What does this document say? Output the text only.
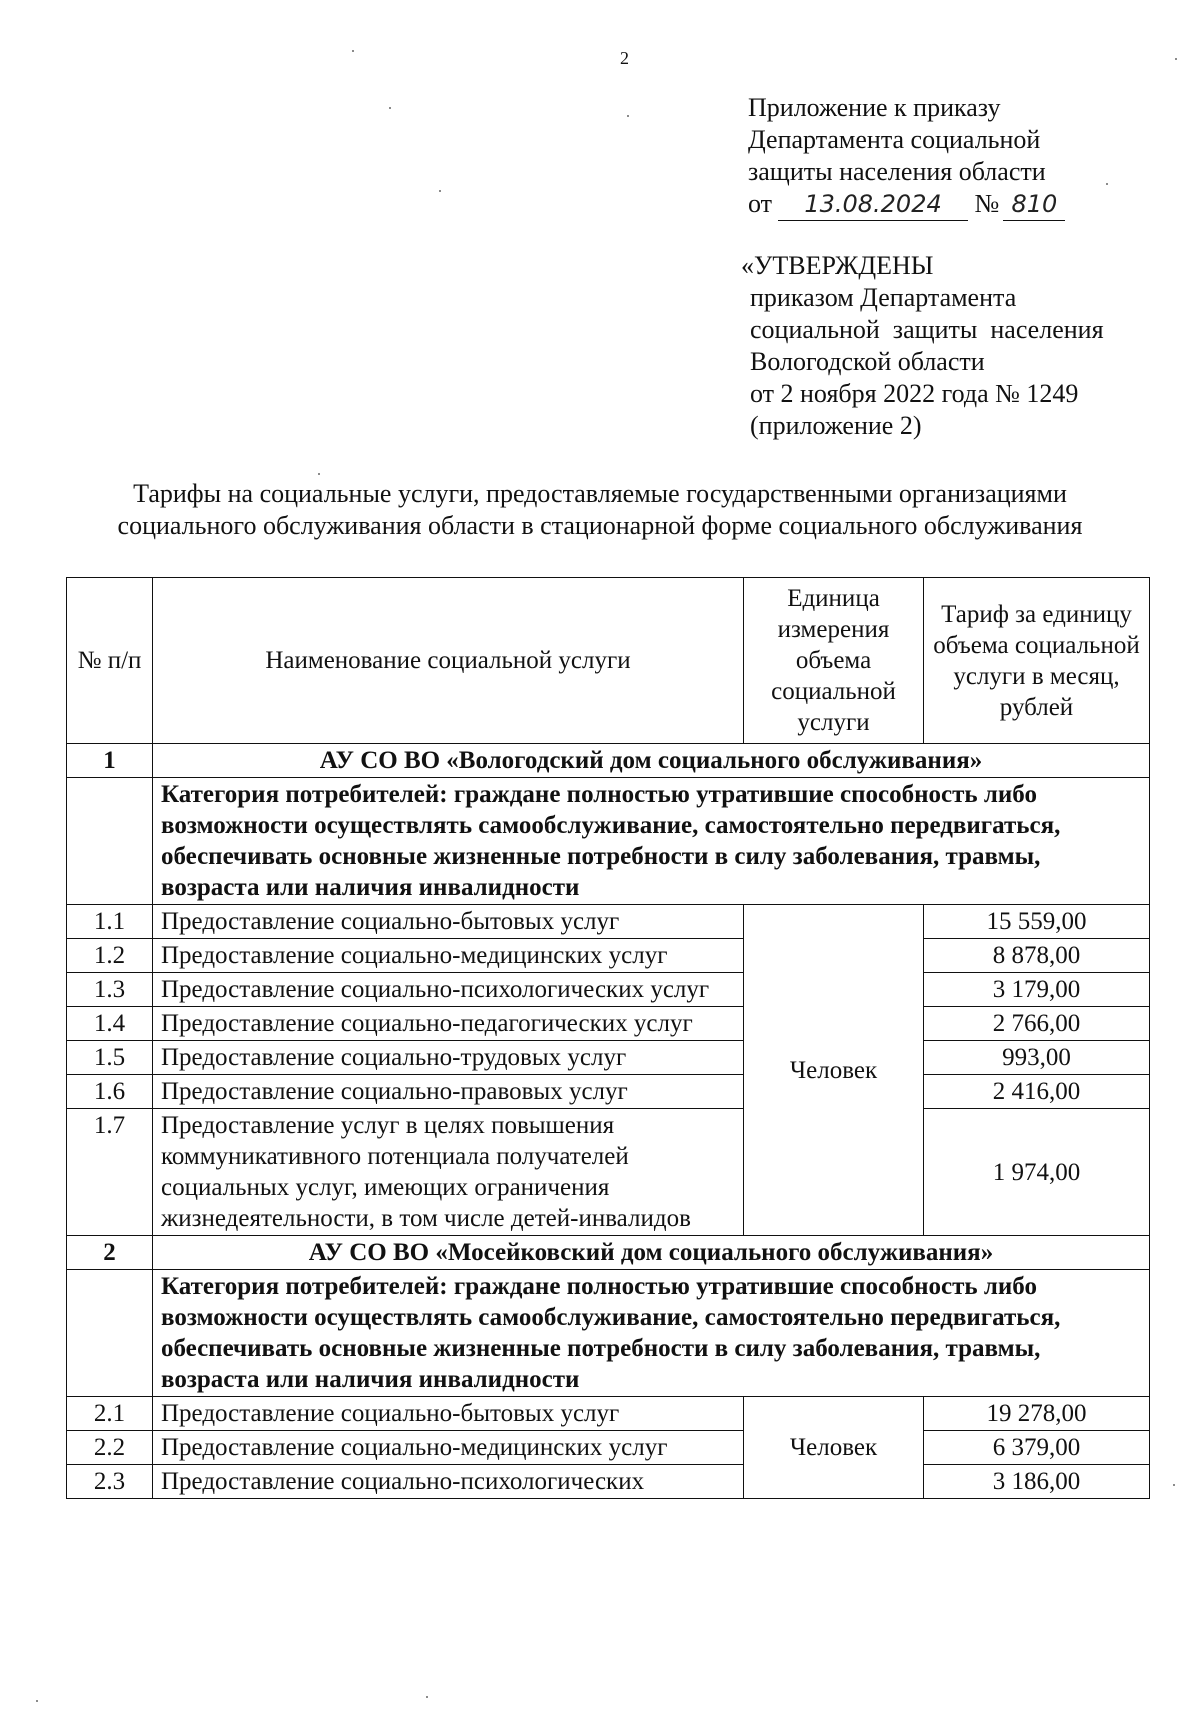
2
Приложение к приказу
Департамента социальной
защиты населения области
от 13.08.2024 № 810
«УТВЕРЖДЕНЫ
приказом Департамента
социальной  защиты  населения
Вологодской области
от 2 ноября 2022 года № 1249
(приложение 2)
Тарифы на социальные услуги, предоставляемые государственными организациями
социального обслуживания области в стационарной форме социального обслуживания
№ п/п	Наименование социальной услуги	Единица измерения объема социальной услуги	Тариф за единицу объема социальной услуги в месяц, рублей
1	АУ СО ВО «Вологодский дом социального обслуживания»		
	Категория потребителей: граждане полностью утратившие способность либо возможности осуществлять самообслуживание, самостоятельно передвигаться, обеспечивать основные жизненные потребности в силу заболевания, травмы, возраста или наличия инвалидности		
1.1	Предоставление социально-бытовых услуг	Человек	15 559,00
1.2	Предоставление социально-медицинских услуг		8 878,00
1.3	Предоставление социально-психологических услуг		3 179,00
1.4	Предоставление социально-педагогических услуг		2 766,00
1.5	Предоставление социально-трудовых услуг		993,00
1.6	Предоставление социально-правовых услуг		2 416,00
1.7	Предоставление услуг в целях повышения коммуникативного потенциала получателей социальных услуг, имеющих ограничения жизнедеятельности, в том числе детей-инвалидов		1 974,00
2	АУ СО ВО «Мосейковский дом социального обслуживания»		
	Категория потребителей: граждане полностью утратившие способность либо возможности осуществлять самообслуживание, самостоятельно передвигаться, обеспечивать основные жизненные потребности в силу заболевания, травмы, возраста или наличия инвалидности		
2.1	Предоставление социально-бытовых услуг	Человек	19 278,00
2.2	Предоставление социально-медицинских услуг		6 379,00
2.3	Предоставление социально-психологических		3 186,00
